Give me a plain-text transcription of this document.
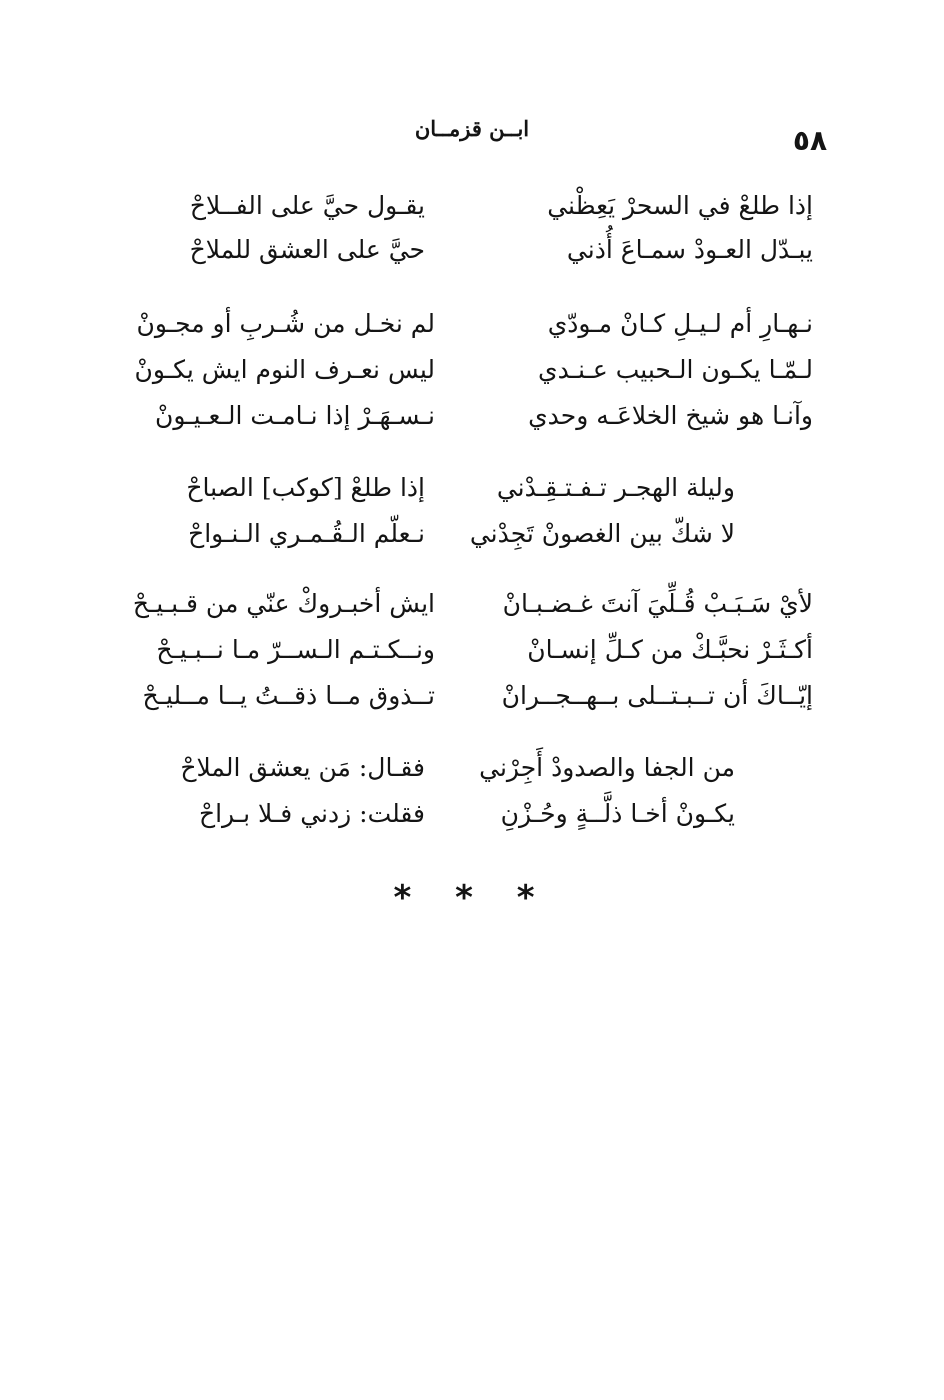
ابــن قزمــان	٥٨
إذا طلعْ في السحرْ يَعِظْني
يقـول حيَّ على الفــلاحْ
يبـدّل العـودْ سمـاعَ أُذني
حيَّ على العشق للملاحْ
نـهـارِ أم لـيـلِ كـانْ مـودّي
لم نخـل من شُـربِ أو مجـونْ
لـمّـا يكـون الـحبيب عـنـدي
ليس نعـرف النوم ايش يكـونْ
وآنـا هو شيخ الخلاعَـه وحدي
نـسـهَـرْ إذا نـامـت الـعـيـونْ
وليلة الهجـر تـفـتـقِـدْني
إذا طلعْ [كوكب] الصباحْ
لا شكّ بين الغصونْ تَجِدْني
نـعلّم الـقُـمـري الـنـواحْ
لأيْ سَـبَـبْ قُـلِّيَ آنتَ غـضـبـانْ
ايش أخبـروكْ عنّي من قـبـيـحْ
أكـثَـرْ نحبَّـكْ من كـلِّ إنسـانْ
ونــكـتـم الـســرّ مـا نــبـيـحْ
إيّــاكَ أن تــبـتــلى بــهــجــرانْ
تــذوق مــا ذقــتُ يــا مــليـحْ
من الجفا والصدودْ أَجِرْني
فقـال: مَن يعشق الملاحْ
يكـونْ أخـا ذلَّــةٍ وحُـزْنِ
فقلت: زدني فـلا بـراحْ
* * *
